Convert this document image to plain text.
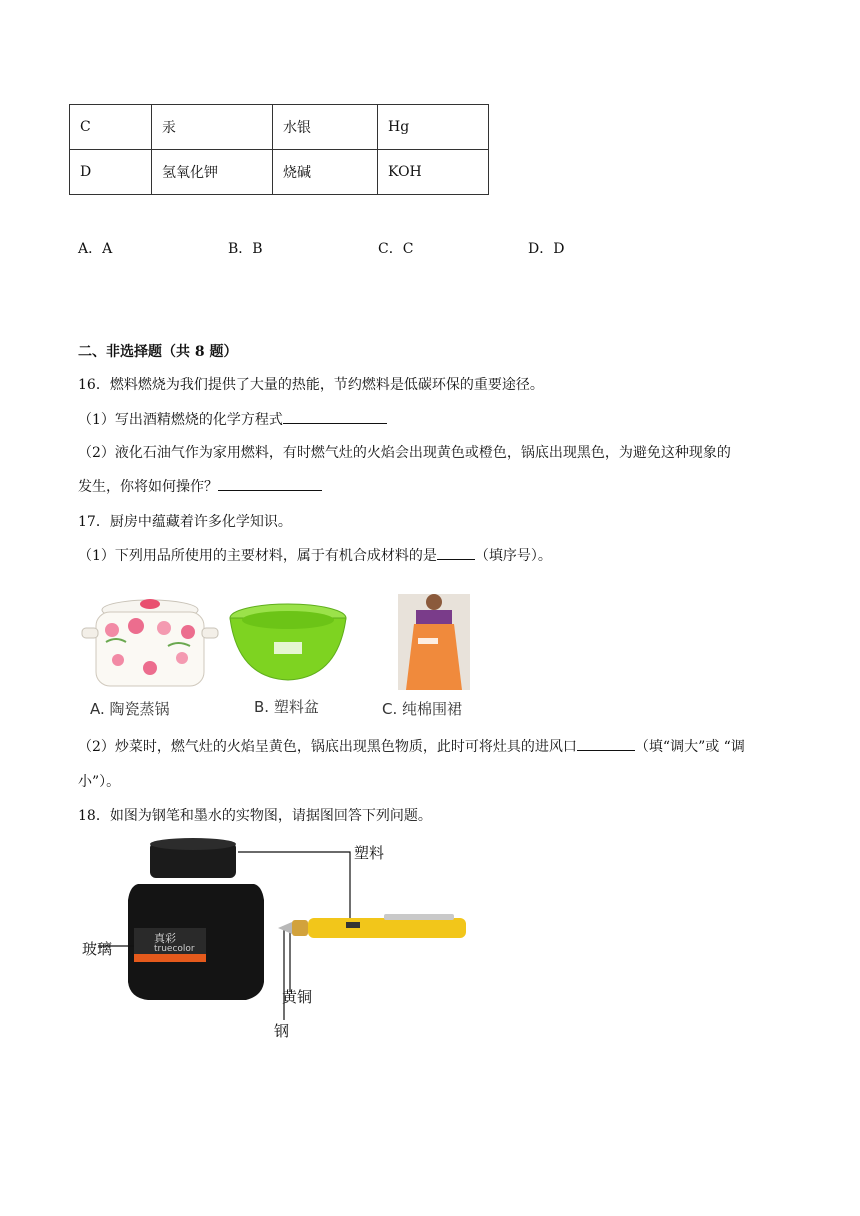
C	汞	水银	Hg
D	氢氧化钾	烧碱	KOH
A．A	B．B	C．C	D．D
二、非选择题（共 8 题）
16．燃料燃烧为我们提供了大量的热能，节约燃料是低碳环保的重要途径。
（1）写出酒精燃烧的化学方程式
（2）液化石油气作为家用燃料，有时燃气灶的火焰会出现黄色或橙色，锅底出现黑色，为避免这种现象的
发生，你将如何操作？
17．厨房中蕴藏着许多化学知识。
（1）下列用品所使用的主要材料，属于有机合成材料的是	（填序号）。
A. 陶瓷蒸锅	B. 塑料盆	C. 纯棉围裙
（2）炒菜时，燃气灶的火焰呈黄色，锅底出现黑色物质，此时可将灶具的进风口	（填“调大”或 “调
小”）。
18．如图为钢笔和墨水的实物图，请据图回答下列问题。
塑料
玻璃
黄铜
钢
真彩
truecolor
